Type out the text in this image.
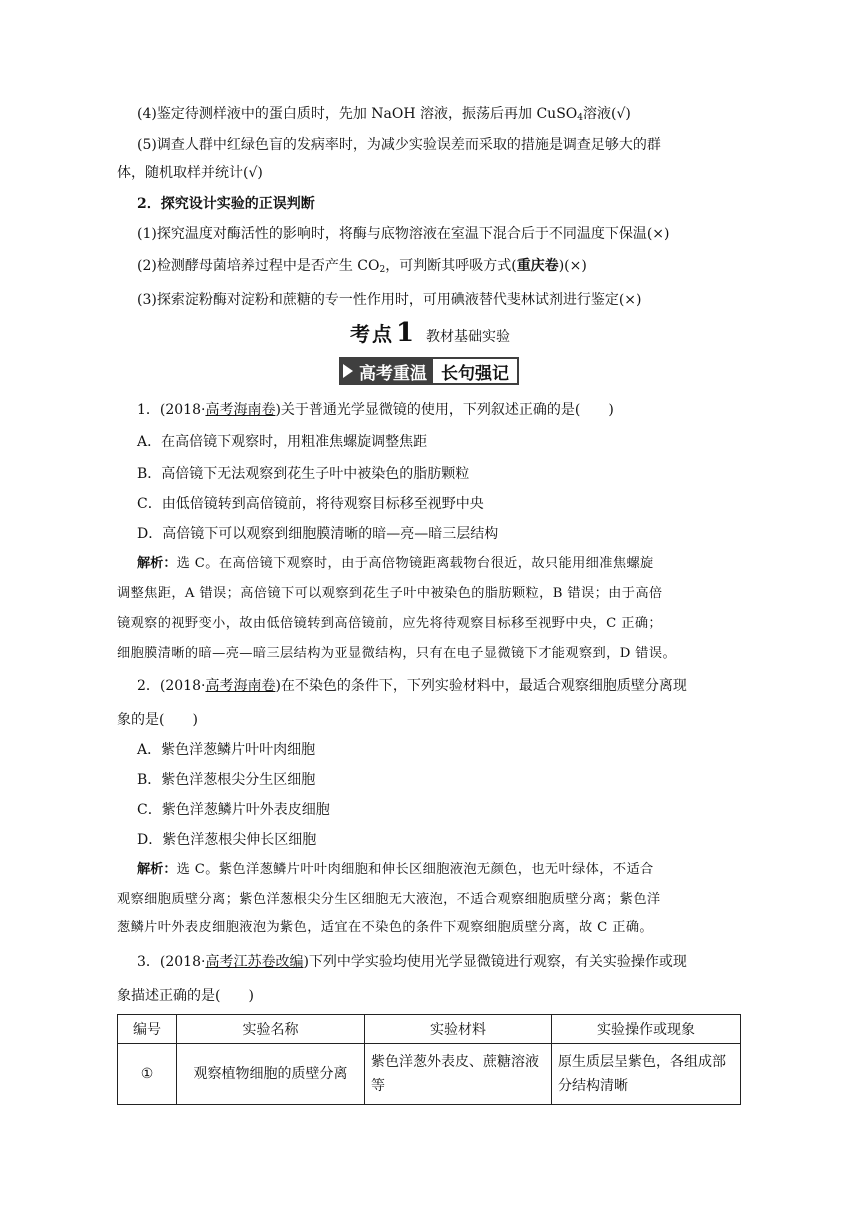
(4)鉴定待测样液中的蛋白质时，先加 NaOH 溶液，振荡后再加 CuSO$_4$溶液(√)
(5)调查人群中红绿色盲的发病率时，为减少实验误差而采取的措施是调查足够大的群
体，随机取样并统计(√)
2．探究设计实验的正误判断
(1)探究温度对酶活性的影响时，将酶与底物溶液在室温下混合后于不同温度下保温(×)
(2)检测酵母菌培养过程中是否产生 $CO_2$，可判断其呼吸方式(重庆卷)(×)
(3)探索淀粉酶对淀粉和蔗糖的专一性作用时，可用碘液替代斐林试剂进行鉴定(×)
考点1 教材基础实验
高考重温 长句强记
1．(2018·高考海南卷)关于普通光学显微镜的使用，下列叙述正确的是(　　)
A．在高倍镜下观察时，用粗准焦螺旋调整焦距
B．高倍镜下无法观察到花生子叶中被染色的脂肪颗粒
C．由低倍镜转到高倍镜前，将待观察目标移至视野中央
D．高倍镜下可以观察到细胞膜清晰的暗—亮—暗三层结构
解析：选 C。在高倍镜下观察时，由于高倍物镜距离载物台很近，故只能用细准焦螺旋
调整焦距，A 错误；高倍镜下可以观察到花生子叶中被染色的脂肪颗粒，B 错误；由于高倍
镜观察的视野变小，故由低倍镜转到高倍镜前，应先将待观察目标移至视野中央，C 正确；
细胞膜清晰的暗—亮—暗三层结构为亚显微结构，只有在电子显微镜下才能观察到，D 错误。
2．(2018·高考海南卷)在不染色的条件下，下列实验材料中，最适合观察细胞质壁分离现
象的是(　　)
A．紫色洋葱鳞片叶叶肉细胞
B．紫色洋葱根尖分生区细胞
C．紫色洋葱鳞片叶外表皮细胞
D．紫色洋葱根尖伸长区细胞
解析：选 C。紫色洋葱鳞片叶叶肉细胞和伸长区细胞液泡无颜色，也无叶绿体，不适合
观察细胞质壁分离；紫色洋葱根尖分生区细胞无大液泡，不适合观察细胞质壁分离；紫色洋
葱鳞片叶外表皮细胞液泡为紫色，适宜在不染色的条件下观察细胞质壁分离，故 C 正确。
3．(2018·高考江苏卷改编)下列中学实验均使用光学显微镜进行观察，有关实验操作或现
象描述正确的是(　　)
编号	实验名称	实验材料	实验操作或现象
①	观察植物细胞的质壁分离	紫色洋葱外表皮、蔗糖溶液等	原生质层呈紫色，各组成部分结构清晰
